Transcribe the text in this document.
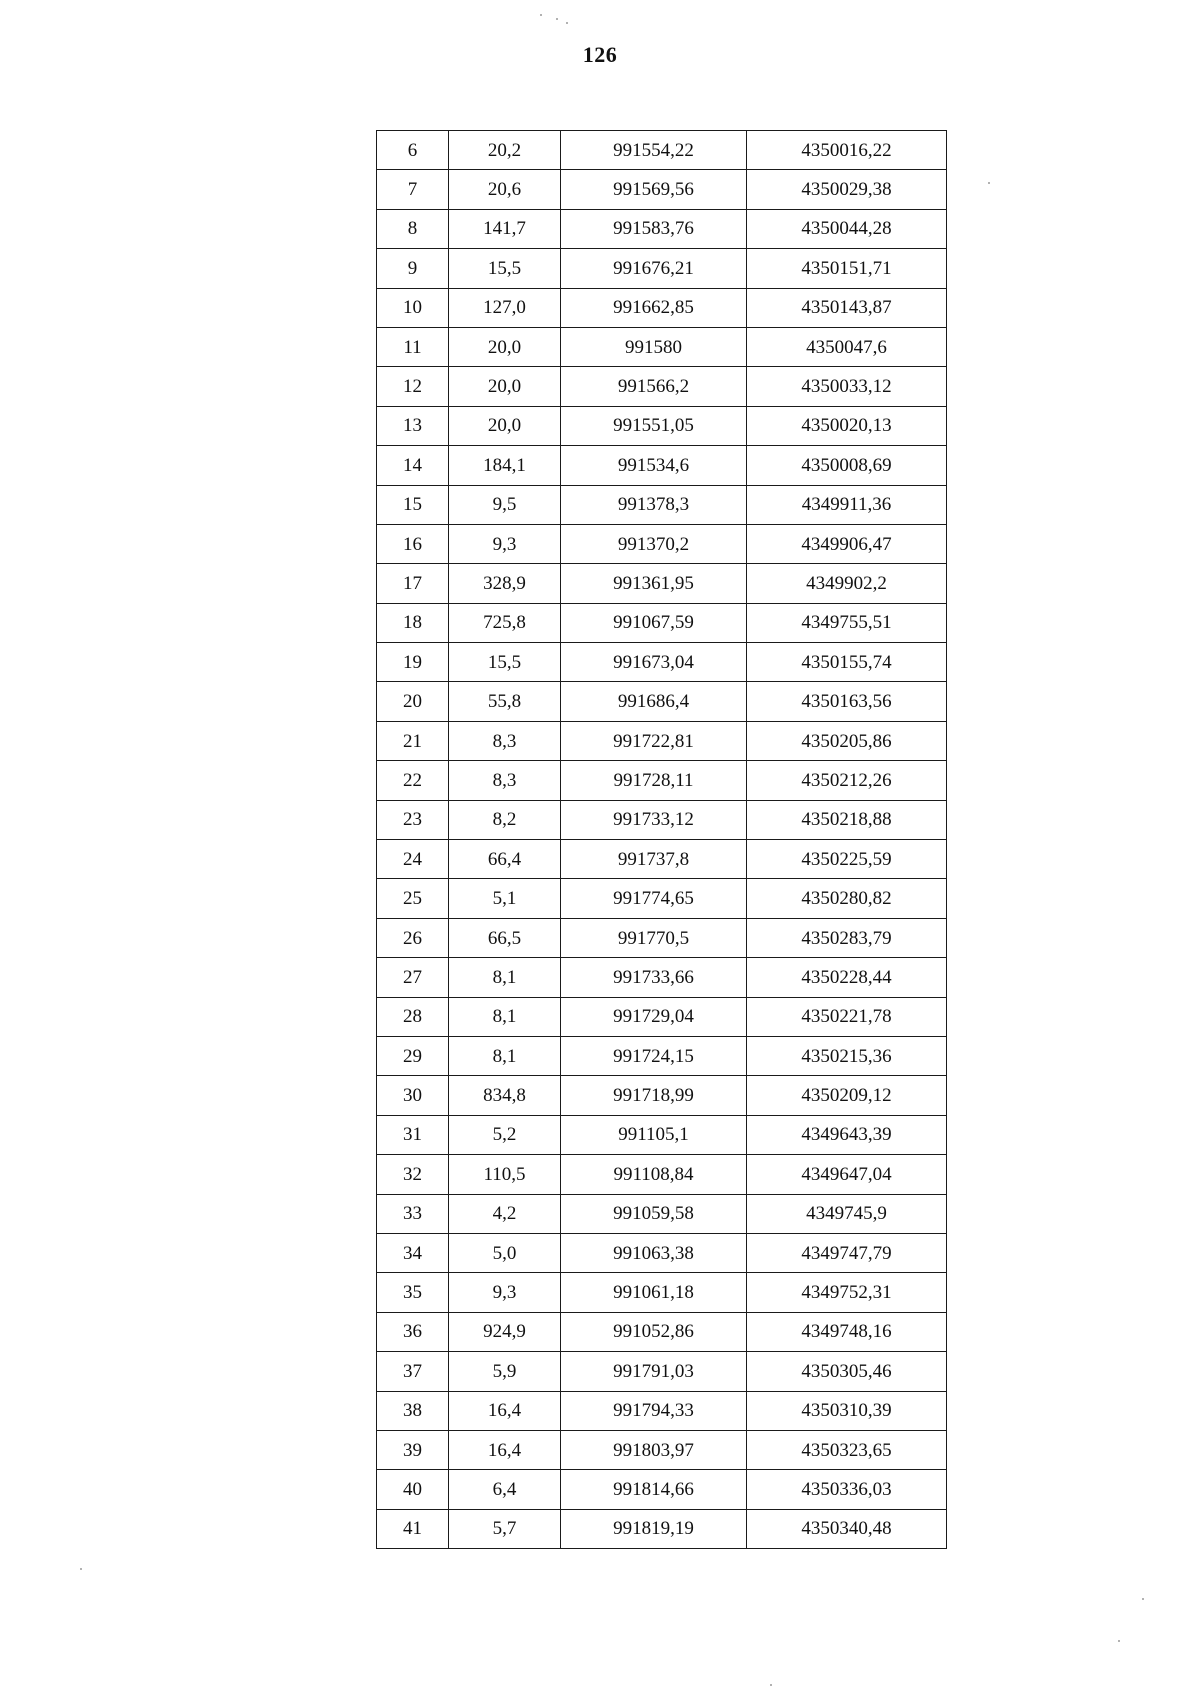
126
6	20,2	991554,22	4350016,22
7	20,6	991569,56	4350029,38
8	141,7	991583,76	4350044,28
9	15,5	991676,21	4350151,71
10	127,0	991662,85	4350143,87
11	20,0	991580	4350047,6
12	20,0	991566,2	4350033,12
13	20,0	991551,05	4350020,13
14	184,1	991534,6	4350008,69
15	9,5	991378,3	4349911,36
16	9,3	991370,2	4349906,47
17	328,9	991361,95	4349902,2
18	725,8	991067,59	4349755,51
19	15,5	991673,04	4350155,74
20	55,8	991686,4	4350163,56
21	8,3	991722,81	4350205,86
22	8,3	991728,11	4350212,26
23	8,2	991733,12	4350218,88
24	66,4	991737,8	4350225,59
25	5,1	991774,65	4350280,82
26	66,5	991770,5	4350283,79
27	8,1	991733,66	4350228,44
28	8,1	991729,04	4350221,78
29	8,1	991724,15	4350215,36
30	834,8	991718,99	4350209,12
31	5,2	991105,1	4349643,39
32	110,5	991108,84	4349647,04
33	4,2	991059,58	4349745,9
34	5,0	991063,38	4349747,79
35	9,3	991061,18	4349752,31
36	924,9	991052,86	4349748,16
37	5,9	991791,03	4350305,46
38	16,4	991794,33	4350310,39
39	16,4	991803,97	4350323,65
40	6,4	991814,66	4350336,03
41	5,7	991819,19	4350340,48
